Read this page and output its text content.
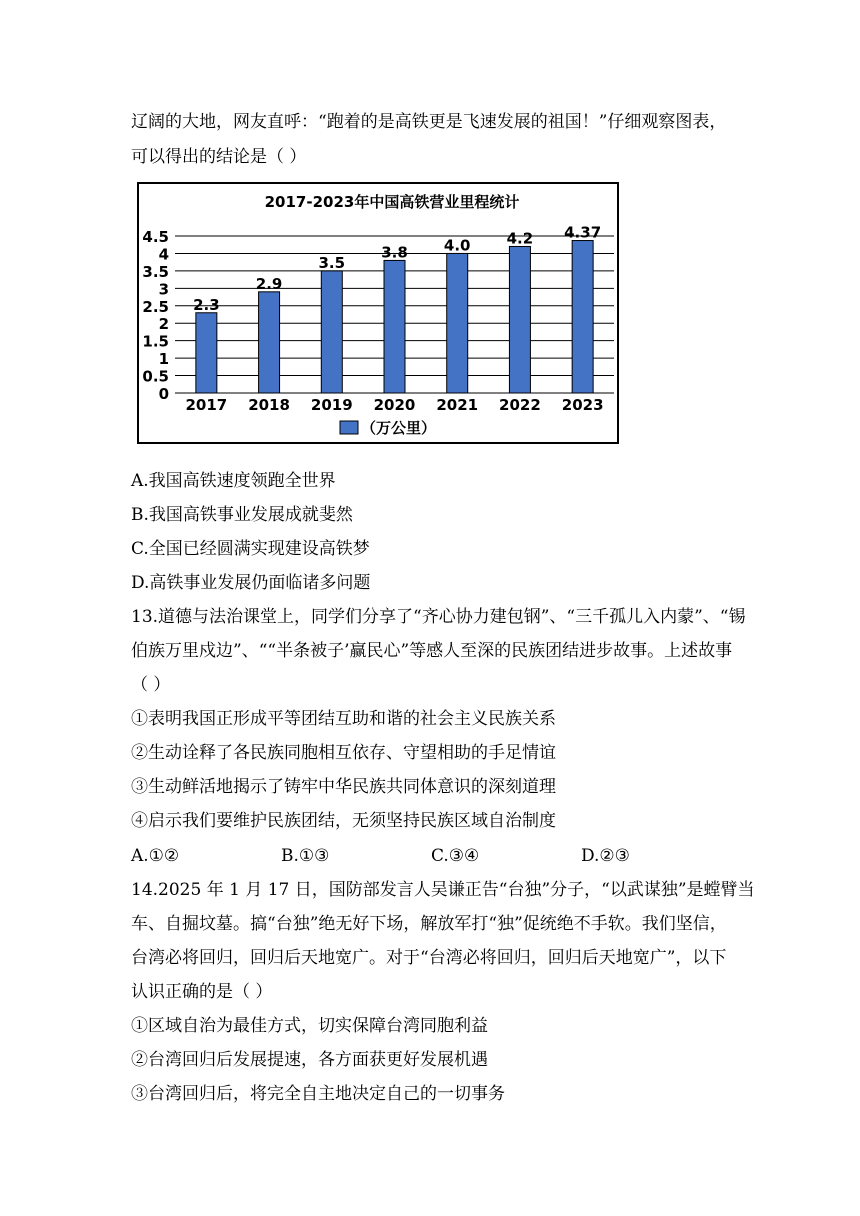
辽阔的大地，网友直呼：“跑着的是高铁更是飞速发展的祖国！”仔细观察图表，
可以得出的结论是（ ）
2017-2023年中国高铁营业里程统计
0
0.5
1
1.5
2
2.5
3
3.5
4
4.5
2.3
2017
2.9
2018
3.5
2019
3.8
2020
4.0
2021
4.2
2022
4.37
2023
（万公里）
A.我国高铁速度领跑全世界
B.我国高铁事业发展成就斐然
C.全国已经圆满实现建设高铁梦
D.高铁事业发展仍面临诸多问题
13.道德与法治课堂上，同学们分享了“齐心协力建包钢”、“三千孤儿入内蒙”、“锡
伯族万里戍边”、““半条被子’赢民心”等感人至深的民族团结进步故事。上述故事
（ ）
①表明我国正形成平等团结互助和谐的社会主义民族关系
②生动诠释了各民族同胞相互依存、守望相助的手足情谊
③生动鲜活地揭示了铸牢中华民族共同体意识的深刻道理
④启示我们要维护民族团结，无须坚持民族区域自治制度
A.①②	B.①③	C.③④	D.②③
14.2025 年 1 月 17 日，国防部发言人吴谦正告“台独”分子，“以武谋独”是螳臂当
车、自掘坟墓。搞“台独”绝无好下场，解放军打“独”促统绝不手软。我们坚信，
台湾必将回归，回归后天地宽广。对于“台湾必将回归，回归后天地宽广”，以下
认识正确的是（ ）
①区域自治为最佳方式，切实保障台湾同胞利益
②台湾回归后发展提速，各方面获更好发展机遇
③台湾回归后，将完全自主地决定自己的一切事务
